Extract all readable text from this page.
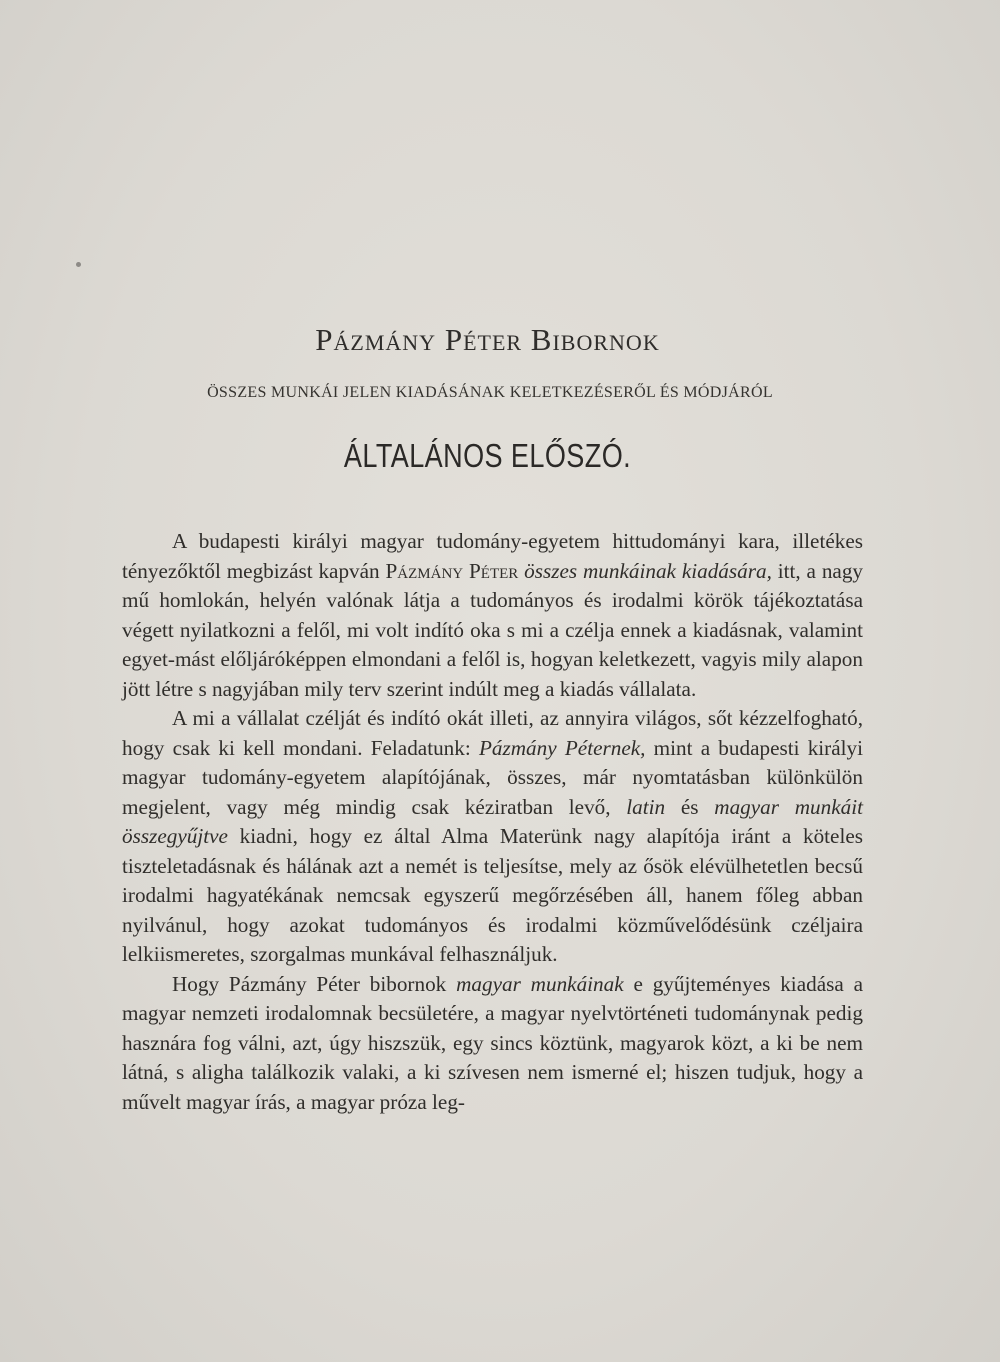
Pázmány Péter Bibornok
ÖSSZES MUNKÁI JELEN KIADÁSÁNAK KELETKEZÉSERŐL ÉS MÓDJÁRÓL
ÁLTALÁNOS ELŐSZÓ.

A budapesti királyi magyar tudomány-egyetem hittudományi kara, illetékes tényezőktől megbizást kapván Pázmány Péter összes munkáinak kiadására, itt, a nagy mű homlokán, helyén valónak látja a tudományos és irodalmi körök tájékoztatása végett nyilatkozni a felől, mi volt indító oka s mi a czélja ennek a kiadásnak, valamint egyet-mást előljáróképpen elmondani a felől is, hogyan keletkezett, vagyis mily alapon jött létre s nagyjában mily terv szerint indúlt meg a kiadás vállalata.

A mi a vállalat czélját és indító okát illeti, az annyira világos, sőt kézzelfogható, hogy csak ki kell mondani. Feladatunk: Pázmány Péternek, mint a budapesti királyi magyar tudomány-egyetem alapítójának, összes, már nyomtatásban különkülön megjelent, vagy még mindig csak kéziratban levő, latin és magyar munkáit összegyűjtve kiadni, hogy ez által Alma Materünk nagy alapítója iránt a köteles tiszteletadásnak és hálának azt a nemét is teljesítse, mely az ősök elévülhetetlen becsű irodalmi hagyatékának nemcsak egyszerű megőrzésében áll, hanem főleg abban nyilvánul, hogy azokat tudományos és irodalmi közművelődésünk czéljaira lelkiismeretes, szorgalmas munkával felhasználjuk.

Hogy Pázmány Péter bibornok magyar munkáinak e gyűjteményes kiadása a magyar nemzeti irodalomnak becsületére, a magyar nyelvtörténeti tudománynak pedig hasznára fog válni, azt, úgy hiszszük, egy sincs köztünk, magyarok közt, a ki be nem látná, s aligha találkozik valaki, a ki szívesen nem ismerné el; hiszen tudjuk, hogy a művelt magyar írás, a magyar próza leg-
